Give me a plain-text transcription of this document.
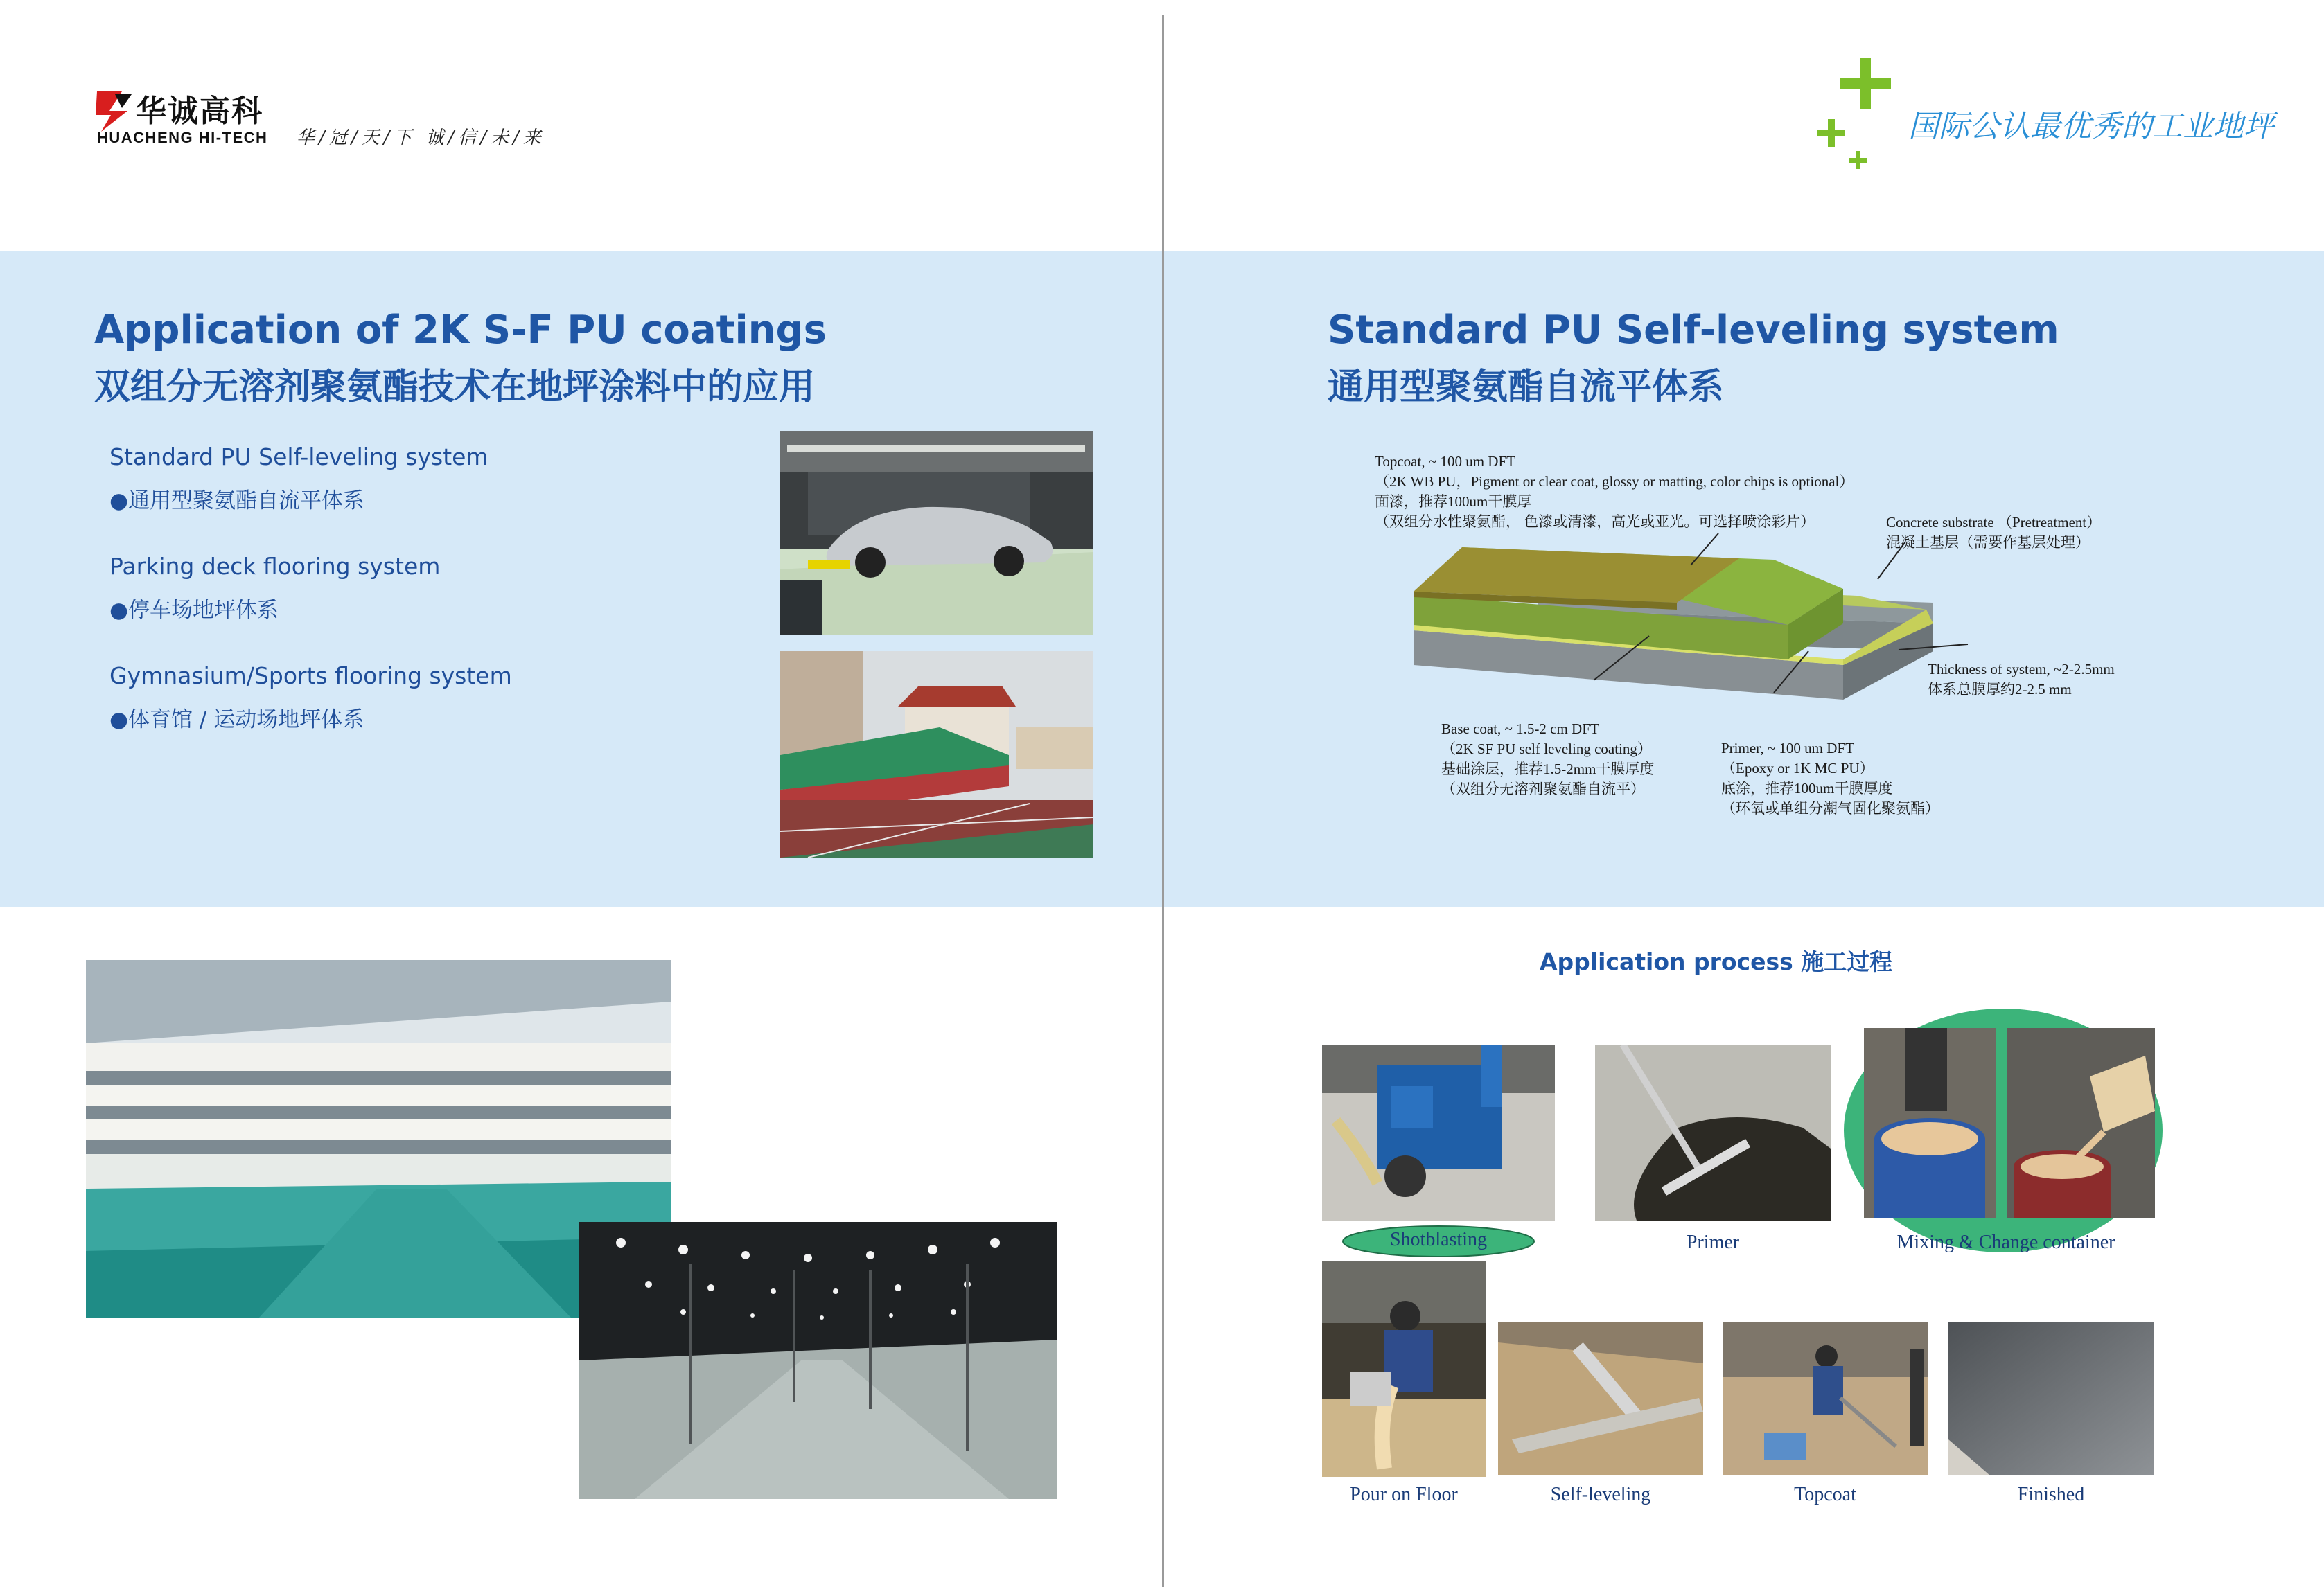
华诚高科
HUACHENG HI-TECH 华/冠/天/下 诚/信/未/来	国际公认最优秀的工业地坪
Application of 2K S-F PU coatings
双组分无溶剂聚氨酯技术在地坪涂料中的应用
Standard PU Self-leveling system
●通用型聚氨酯自流平体系
Parking deck flooring system
●停车场地坪体系
Gymnasium/Sports flooring system
●体育馆 / 运动场地坪体系
Standard PU Self-leveling system
通用型聚氨酯自流平体系
Topcoat, ~ 100 um DFT
（2K WB PU，Pigment or clear coat, glossy or matting, color chips is optional）
面漆，推荐100um干膜厚
（双组分水性聚氨酯， 色漆或清漆，高光或亚光。可选择喷涂彩片）	Concrete substrate （Pretreatment）
混凝土基层（需要作基层处理）
Thickness of system, ~2-2.5mm
体系总膜厚约2-2.5 mm
Base coat, ~ 1.5-2 cm DFT
（2K SF PU self leveling coating）
基础涂层，推荐1.5-2mm干膜厚度
（双组分无溶剂聚氨酯自流平）
Primer, ~ 100 um DFT
（Epoxy or 1K MC PU）
底涂，推荐100um干膜厚度
（环氧或单组分潮气固化聚氨酯）
Application process 施工过程
Shotblasting	Primer	Mixing & Change container
Pour on Floor	Self-leveling	Topcoat	Finished
